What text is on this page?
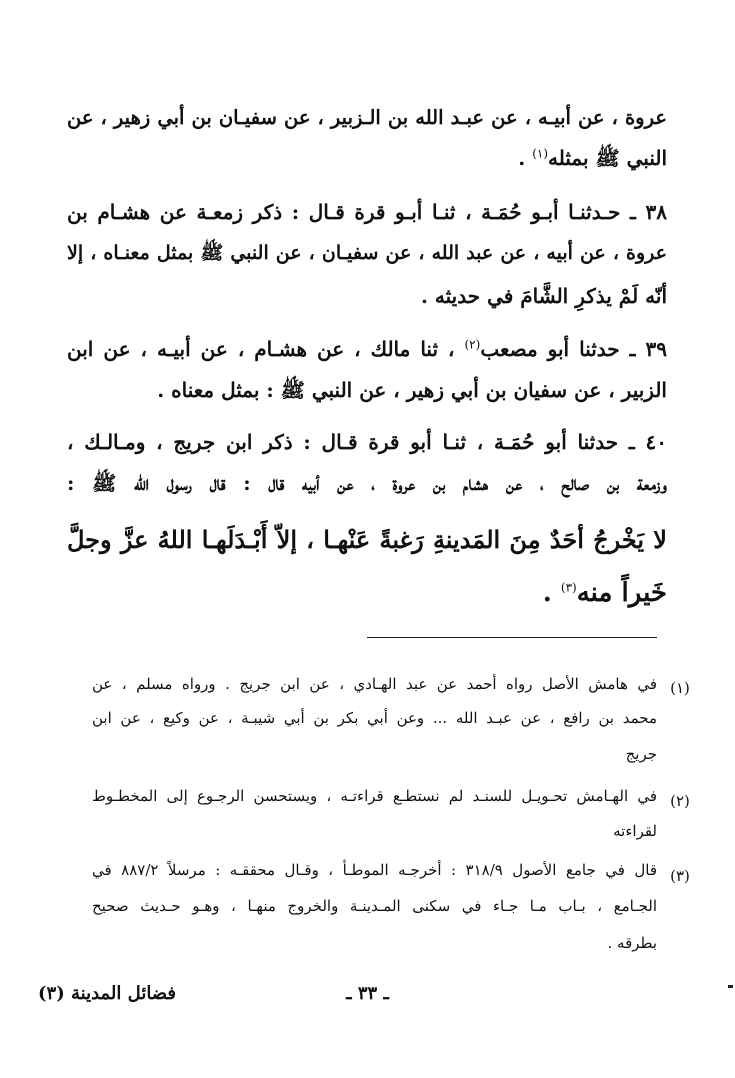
عروة ، عن أبيـه ، عن عبـد الله بن الـزبير ، عن سفيـان بن أبي زهير ، عن
النبي ﷺ بمثله$^{(١)}$ .
٣٨ ـ حـدثنـا أبـو حُمَـة ، ثنـا أبـو قرة قـال : ذكر زمعـة عن هشـام بن
عروة ، عن أبيه ، عن عبد الله ، عن سفيـان ، عن النبي ﷺ بمثل معنـاه ، إلا
أنّه لَمْ يذكرِ الشَّامَ في حديثه .
٣٩ ـ حدثنا أبو مصعب$^{(٢)}$ ، ثنا مالك ، عن هشـام ، عن أبيـه ، عن ابن
الزبير ، عن سفيان بن أبي زهير ، عن النبي ﷺ : بمثل معناه .
٤٠ ـ حدثنا أبو حُمَـة ، ثنـا أبو قرة قـال : ذكر ابن جريج ، ومـالـك ،
وزمعة بن صالح ، عن هشام بن عروة ، عن أبيه قال : قال رسول الله ﷺ :
لا يَخْرجُ أحَدٌ مِنَ المَدينةِ رَغبةً عَنْهـا ، إلاّ أَبْـدَلَهـا اللهُ عزَّ وجلَّ
خَيراً منه$^{(٣)}$ .
(١)
في هامش الأصل رواه أحمد عن عبد الهـادي ، عن ابن جريج . ورواه مسلم ، عن
محمد بن رافع ، عن عبـد الله ... وعن أبي بكر بن أبي شيبـة ، عن وكيع ، عن ابن
جريج
(٢)
في الهـامش تحـويـل للسنـد لم نستطـع قراءتـه ، ويستحسن الرجـوع إلى المخطـوط
لقراءته
(٣)
قال في جامع الأصول ٣١٨/٩ : أخرجـه الموطـأ ، وقـال محققـه : مرسلاً ٨٨٧/٢ في
الجـامع ، بـاب مـا جـاء في سكنى المـدينـة والخروج منهـا ، وهـو حـديث صحيح
بطرقه .
ـ ٣٣ ـ
فضائل المدينة (٣)
